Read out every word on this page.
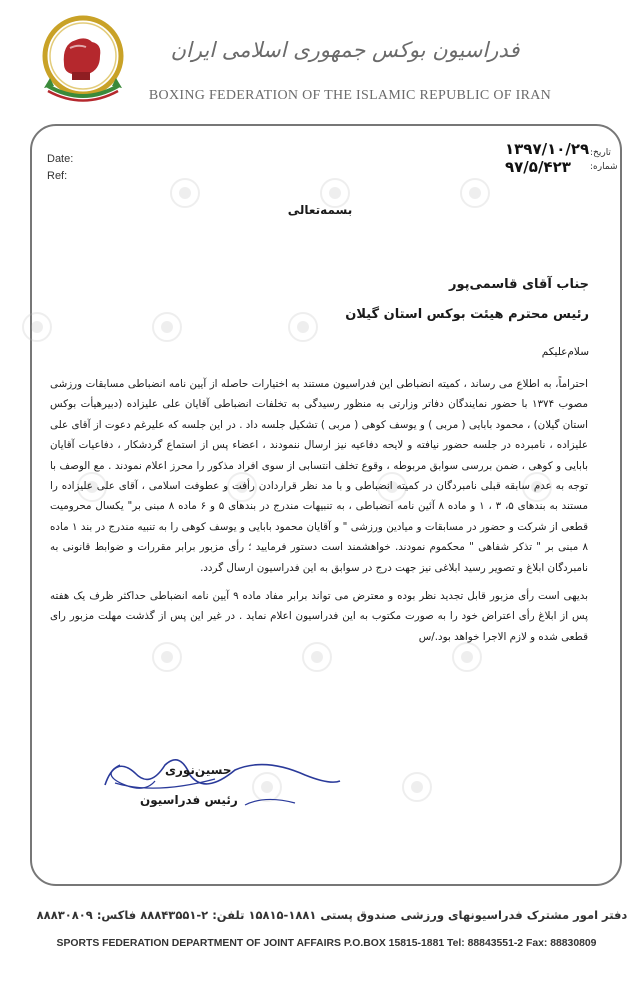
فدراسیون بوکس جمهوری اسلامی ایران
BOXING FEDERATION OF THE ISLAMIC REPUBLIC OF IRAN
Date:
Ref:
تاریخ:
شماره:
۱۳۹۷/۱۰/۲۹
۹۷/۵/۴۲۳
بسمه‌تعالی
جناب آقای قاسمی‌پور
رئیس محترم هیئت بوکس استان گیلان
سلام‌علیکم

احتراماً، به اطلاع می رساند ، کمیته انضباطی این فدراسیون مستند به اختیارات حاصله از آیین نامه انضباطی مسابقات ورزشی مصوب ۱۳۷۴ با حضور نمایندگان دفاتر وزارتی به منظور رسیدگی به تخلفات انضباطی آقایان علی علیزاده (دبیرهیأت بوکس استان گیلان) ، محمود بابایی ( مربی ) و یوسف کوهی ( مربی ) تشکیل جلسه داد . در این جلسه که علیرغم دعوت از آقای علی علیزاده ، نامبرده در جلسه حضور نیافته و لایحه دفاعیه نیز ارسال ننمودند ، اعضاء پس از استماع گردشکار ، دفاعیات آقایان بابایی و کوهی ، ضمن بررسی سوابق مربوطه ، وقوع تخلف انتسابی از سوی افراد مذکور را محرز اعلام نمودند . مع الوصف با توجه به عدم سابقه قبلی نامبردگان در کمیته انضباطی و با مد نظر قراردادن رأفت و عطوفت اسلامی ، آقای علی علیزاده را مستند به بندهای ۵، ۳ ، ۱ و ماده ۸ آئین نامه انضباطی ، به تنبیهات مندرج در بندهای ۵ و ۶ ماده ۸ مبنی بر" یکسال محرومیت قطعی از شرکت و حضور در مسابقات و میادین ورزشی " و آقایان محمود بابایی و یوسف کوهی را به تنبیه مندرج در بند ۱ ماده ۸ مبنی بر " تذکر شفاهی " محکموم نمودند. خواهشمند است دستور فرمایید ؛ رأی مزبور برابر مقررات و ضوابط قانونی به نامبردگان ابلاغ و تصویر رسید ابلاغی نیز جهت درج در سوابق به این فدراسیون ارسال گردد.

بدیهی است رأی مزبور قابل تجدید نظر بوده و معترض می تواند برابر مفاد ماده ۹ آیین نامه انضباطی حداکثر ظرف یک هفته پس از ابلاغ رأی اعتراض خود را به صورت مکتوب به این فدراسیون اعلام نماید . در غیر این پس از گذشت مهلت مزبور رای قطعی شده و لازم الاجرا خواهد بود./س

حسین‌نوری
رئیس فدراسیون
دفتر امور مشترک فدراسیونهای ورزشی صندوق پستی ۱۸۸۱-۱۵۸۱۵ تلفن: ۲-۸۸۸۴۳۵۵۱ فاکس: ۸۸۸۳۰۸۰۹
SPORTS FEDERATION DEPARTMENT OF JOINT AFFAIRS P.O.BOX 15815-1881 Tel: 88843551-2 Fax: 88830809
